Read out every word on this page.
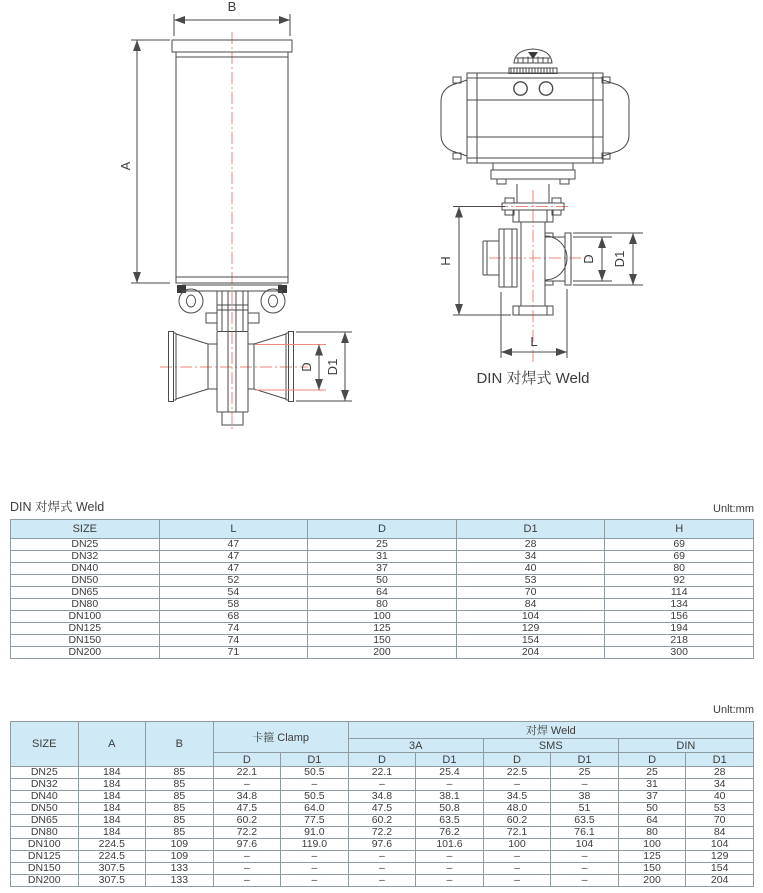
B
A
D D1
H	D D1
L
DIN 对焊式 Weld
DIN 对焊式 Weld	Unlt:mm
SIZE	L	D	D1	H
DN25	47	25	28	69
DN32	47	31	34	69
DN40	47	37	40	80
DN50	52	50	53	92
DN65	54	64	70	114
DN80	58	80	84	134
DN100	68	100	104	156
DN125	74	125	129	194
DN150	74	150	154	218
DN200	71	200	204	300
Unlt:mm
SIZE	A	B	卡箍 Clamp		对焊 Weld					
					3A		SMS		DIN	
			D	D1	D	D1	D	D1	D	D1
DN25	184	85	22.1	50.5	22.1	25.4	22.5	25	25	28
DN32	184	85	–	–	–	–	–	–	31	34
DN40	184	85	34.8	50.5	34.8	38.1	34.5	38	37	40
DN50	184	85	47.5	64.0	47.5	50.8	48.0	51	50	53
DN65	184	85	60.2	77.5	60.2	63.5	60.2	63.5	64	70
DN80	184	85	72.2	91.0	72.2	76.2	72.1	76.1	80	84
DN100	224.5	109	97.6	119.0	97.6	101.6	100	104	100	104
DN125	224.5	109	–	–	–	–	–	–	125	129
DN150	307.5	133	–	–	–	–	–	–	150	154
DN200	307.5	133	–	–	–	–	–	–	200	204
